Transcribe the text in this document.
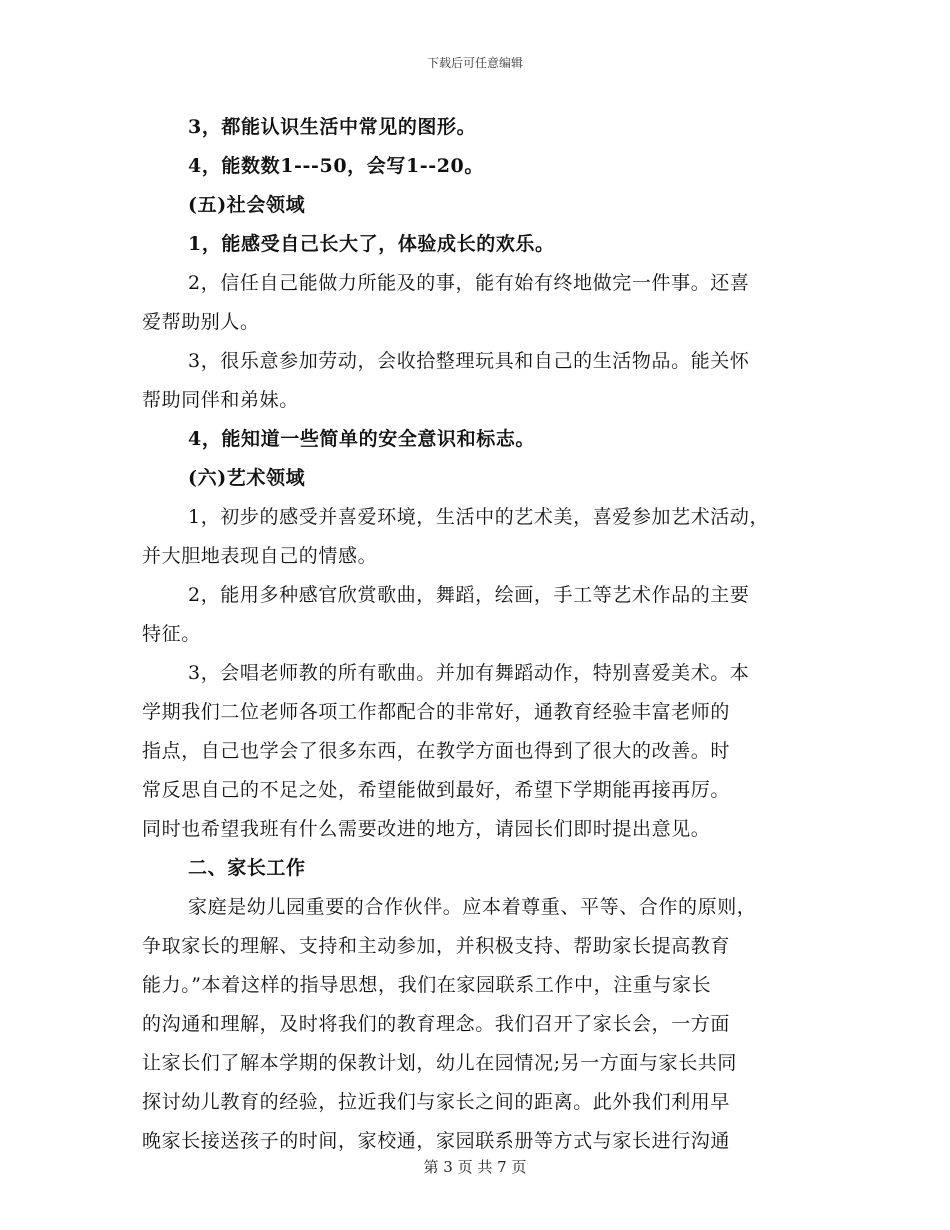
下载后可任意编辑
3，都能认识生活中常见的图形。
4，能数数1---50，会写1--20。
(五)社会领域
1，能感受自己长大了，体验成长的欢乐。
2，信任自己能做力所能及的事，能有始有终地做完一件事。还喜
爱帮助别人。
3，很乐意参加劳动，会收拾整理玩具和自己的生活物品。能关怀
帮助同伴和弟妹。
4，能知道一些简单的安全意识和标志。
(六)艺术领域
1，初步的感受并喜爱环境，生活中的艺术美，喜爱参加艺术活动，
并大胆地表现自己的情感。
2，能用多种感官欣赏歌曲，舞蹈，绘画，手工等艺术作品的主要
特征。
3，会唱老师教的所有歌曲。并加有舞蹈动作，特别喜爱美术。本
学期我们二位老师各项工作都配合的非常好，通教育经验丰富老师的
指点，自己也学会了很多东西，在教学方面也得到了很大的改善。时
常反思自己的不足之处，希望能做到最好，希望下学期能再接再厉。
同时也希望我班有什么需要改进的地方，请园长们即时提出意见。
二、家长工作
家庭是幼儿园重要的合作伙伴。应本着尊重、平等、合作的原则，
争取家长的理解、支持和主动参加，并积极支持、帮助家长提高教育
能力。”本着这样的指导思想，我们在家园联系工作中，注重与家长
的沟通和理解，及时将我们的教育理念。我们召开了家长会，一方面
让家长们了解本学期的保教计划，幼儿在园情况;另一方面与家长共同
探讨幼儿教育的经验，拉近我们与家长之间的距离。此外我们利用早
晚家长接送孩子的时间，家校通，家园联系册等方式与家长进行沟通
第 3 页 共 7 页
